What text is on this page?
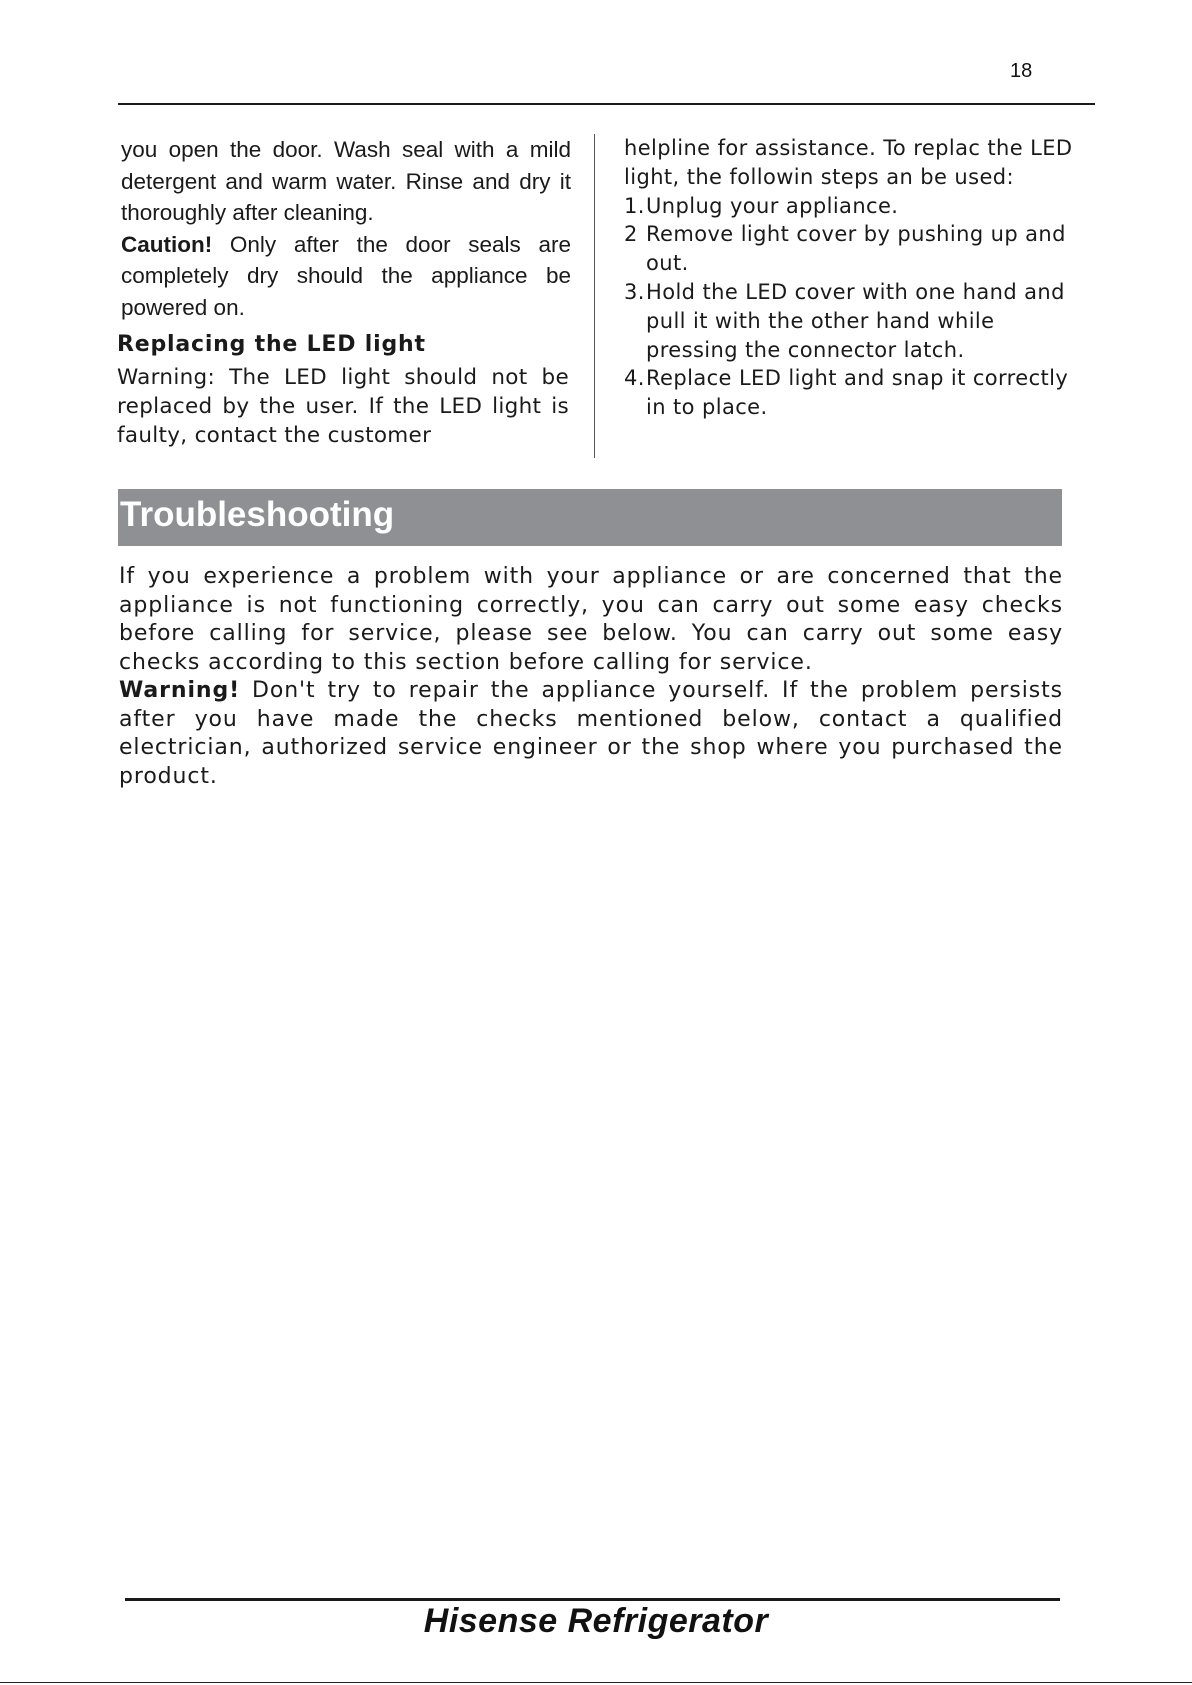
18

you open the door. Wash seal with a mild detergent and warm water. Rinse and dry it thoroughly after cleaning.

Caution! Only after the door seals are completely dry should the appliance be powered on.

Replacing the LED light

Warning: The LED light should not be replaced by the user. If the LED light is faulty, contact the customer

helpline for assistance. To replac the LED light, the followin steps an be used:

1. Unplug your appliance.
2 Remove light cover by pushing up and out.
3. Hold the LED cover with one hand and pull it with the other hand while pressing the connector latch.
4. Replace LED light and snap it correctly in to place.
Troubleshooting

If you experience a problem with your appliance or are concerned that the appliance is not functioning correctly, you can carry out some easy checks before calling for service, please see below. You can carry out some easy checks according to this section before calling for service.

Warning! Don't try to repair the appliance yourself. If the problem persists after you have made the checks mentioned below, contact a qualified electrician, authorized service engineer or the shop where you purchased the product.

Hisense Refrigerator
